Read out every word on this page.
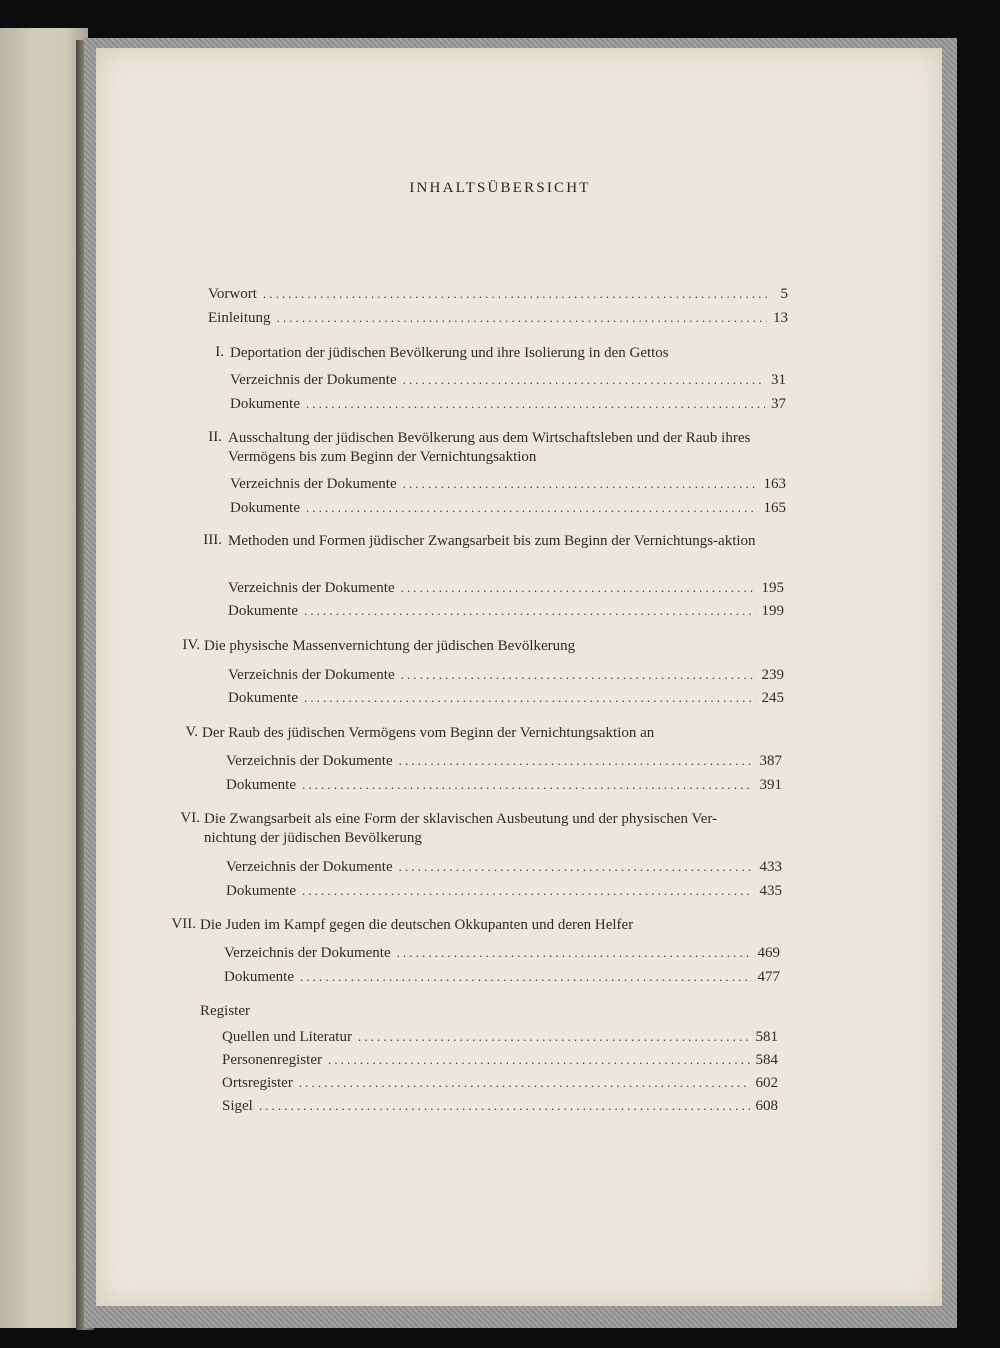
INHALTSÜBERSICHT
Vorwort .....	5
Einleitung .....	13
I. Deportation der jüdischen Bevölkerung und ihre Isolierung in den Gettos
Verzeichnis der Dokumente .....	31
Dokumente .....	37
II. Ausschaltung der jüdischen Bevölkerung aus dem Wirtschaftsleben und der Raub ihres Vermögens bis zum Beginn der Vernichtungsaktion
Verzeichnis der Dokumente .....	163
Dokumente .....	165
III. Methoden und Formen jüdischer Zwangsarbeit bis zum Beginn der Vernichtungs-aktion
Verzeichnis der Dokumente .....	195
Dokumente .....	199
IV. Die physische Massenvernichtung der jüdischen Bevölkerung
Verzeichnis der Dokumente .....	239
Dokumente .....	245
V. Der Raub des jüdischen Vermögens vom Beginn der Vernichtungsaktion an
Verzeichnis der Dokumente .....	387
Dokumente .....	391
VI. Die Zwangsarbeit als eine Form der sklavischen Ausbeutung und der physischen Ver-nichtung der jüdischen Bevölkerung
Verzeichnis der Dokumente .....	433
Dokumente .....	435
VII. Die Juden im Kampf gegen die deutschen Okkupanten und deren Helfer
Verzeichnis der Dokumente .....	469
Dokumente .....	477
Register
Quellen und Literatur .....	581
Personenregister .....	584
Ortsregister .....	602
Sigel .....	608
